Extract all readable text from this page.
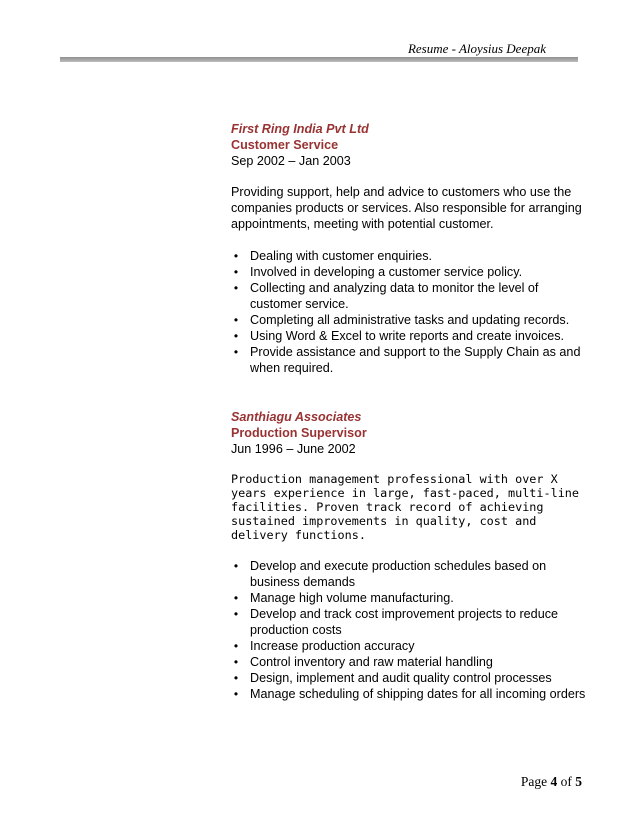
Resume - Aloysius Deepak
First Ring India Pvt Ltd
Customer Service
Sep 2002 – Jan 2003
Providing support, help and advice to customers who use the companies products or services. Also responsible for arranging appointments, meeting with potential customer.
• Dealing with customer enquiries.
• Involved in developing a customer service policy.
• Collecting and analyzing data to monitor the level of customer service.
• Completing all administrative tasks and updating records.
• Using Word & Excel to write reports and create invoices.
• Provide assistance and support to the Supply Chain as and when required.
Santhiagu Associates
Production Supervisor
Jun 1996 – June 2002
Production management professional with over X years experience in large, fast-paced, multi-line facilities. Proven track record of achieving sustained improvements in quality, cost and delivery functions.
• Develop and execute production schedules based on business demands
• Manage high volume manufacturing.
• Develop and track cost improvement projects to reduce production costs
• Increase production accuracy
• Control inventory and raw material handling
• Design, implement and audit quality control processes
• Manage scheduling of shipping dates for all incoming orders
Page 4 of 5
